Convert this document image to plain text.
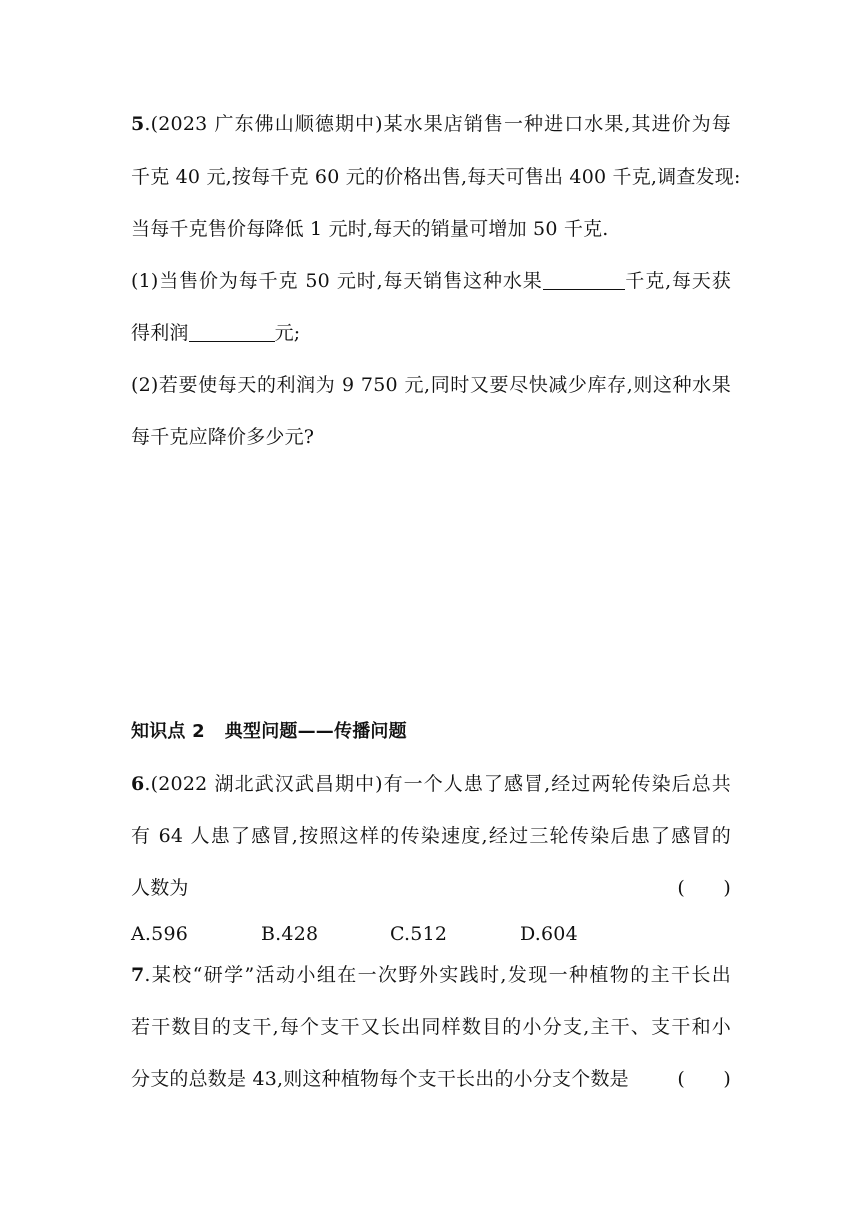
5.(2023 广东佛山顺德期中)某水果店销售一种进口水果,其进价为每
千克 40 元,按每千克 60 元的价格出售,每天可售出 400 千克,调查发现:
当每千克售价每降低 1 元时,每天的销量可增加 50 千克.
(1)当售价为每千克 50 元时,每天销售这种水果	千克,每天获
得利润	元;
(2)若要使每天的利润为 9 750 元,同时又要尽快减少库存,则这种水果
每千克应降价多少元?
知识点 2 典型问题——传播问题
6.(2022 湖北武汉武昌期中)有一个人患了感冒,经过两轮传染后总共
有 64 人患了感冒,按照这样的传染速度,经过三轮传染后患了感冒的
人数为	(　　)
A.596	B.428	C.512	D.604
7.某校“研学”活动小组在一次野外实践时,发现一种植物的主干长出
若干数目的支干,每个支干又长出同样数目的小分支,主干、支干和小
分支的总数是 43,则这种植物每个支干长出的小分支个数是	(　　)
